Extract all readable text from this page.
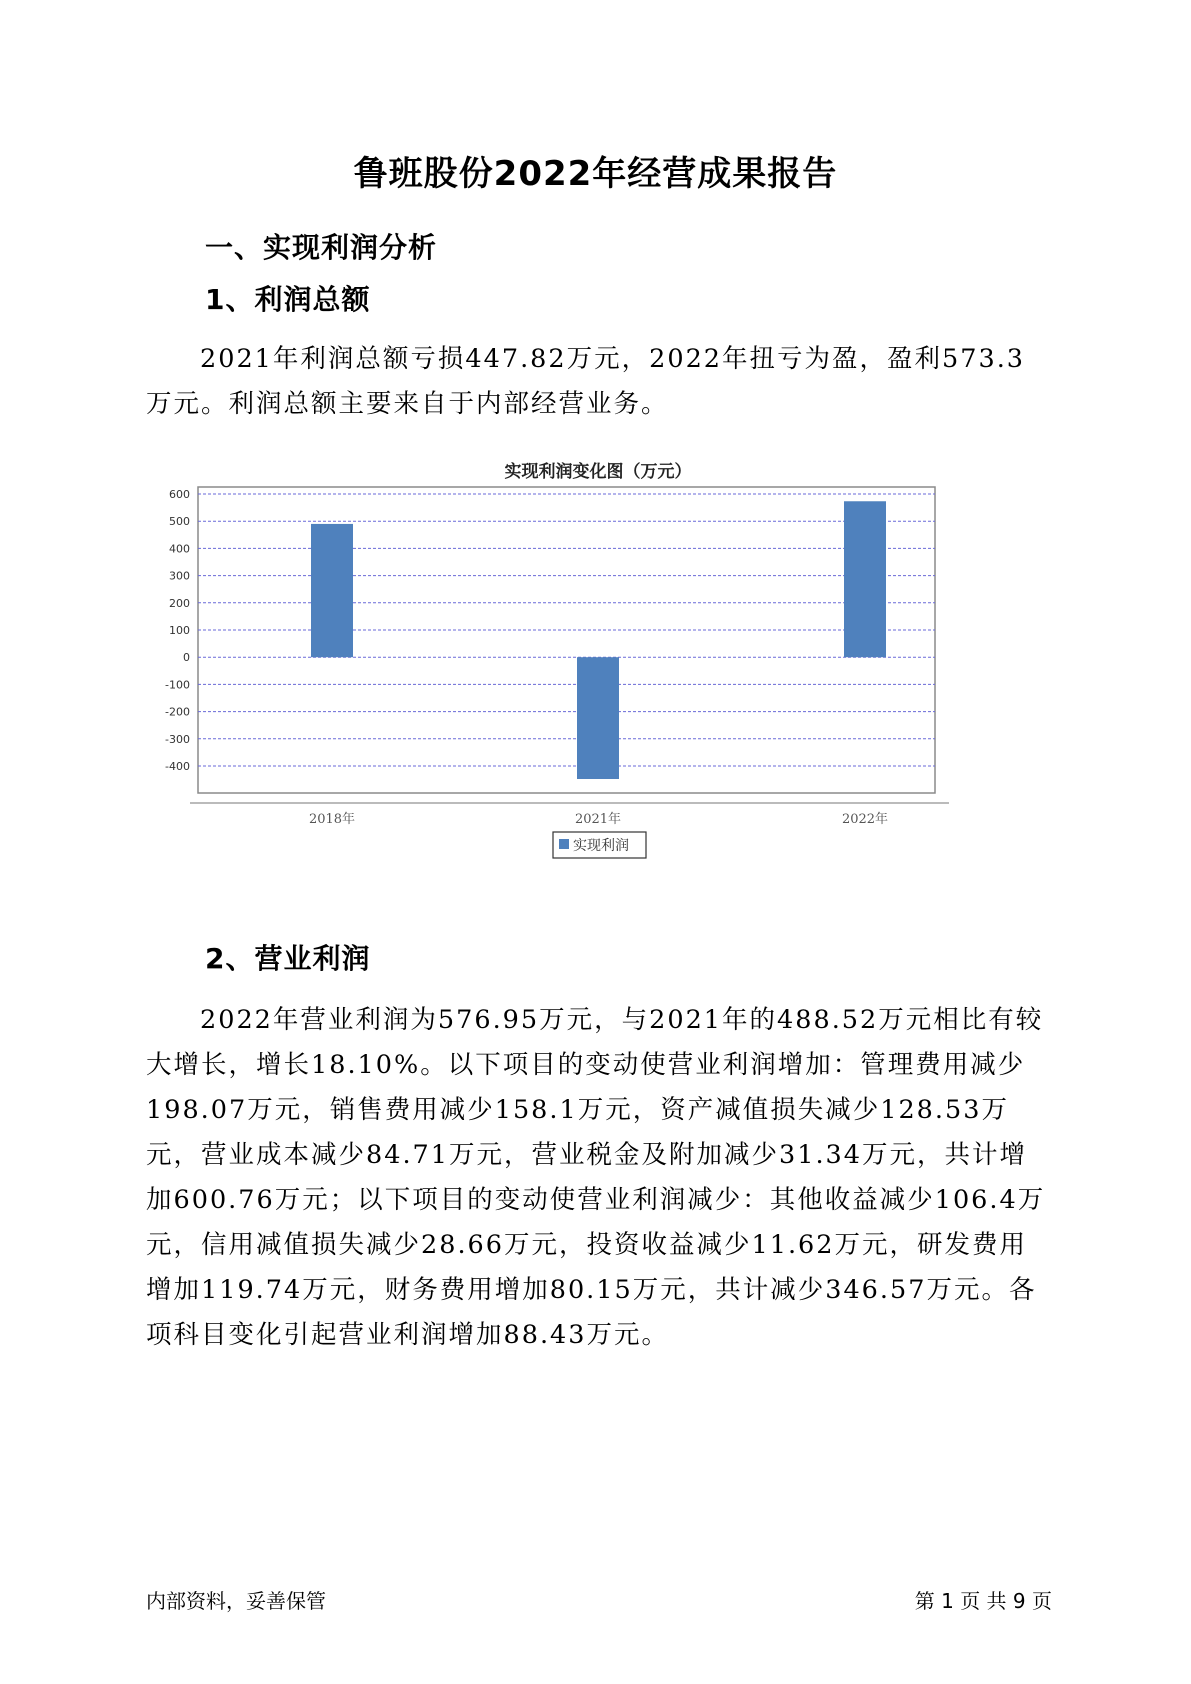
鲁班股份2022年经营成果报告
一、实现利润分析
1、利润总额

2021年利润总额亏损447.82万元，2022年扭亏为盈，盈利573.3万元。利润总额主要来自于内部经营业务。

实现利润变化图（万元）
600
500
400
300
200
100
0
-100
-200
-300
-400
2018年	2021年	2022年
实现利润
2、营业利润

2022年营业利润为576.95万元，与2021年的488.52万元相比有较大增长，增长18.10%。以下项目的变动使营业利润增加：管理费用减少198.07万元，销售费用减少158.1万元，资产减值损失减少128.53万元，营业成本减少84.71万元，营业税金及附加减少31.34万元，共计增加600.76万元；以下项目的变动使营业利润减少：其他收益减少106.4万元，信用减值损失减少28.66万元，投资收益减少11.62万元，研发费用增加119.74万元，财务费用增加80.15万元，共计减少346.57万元。各项科目变化引起营业利润增加88.43万元。

内部资料，妥善保管	第 1 页 共 9 页
